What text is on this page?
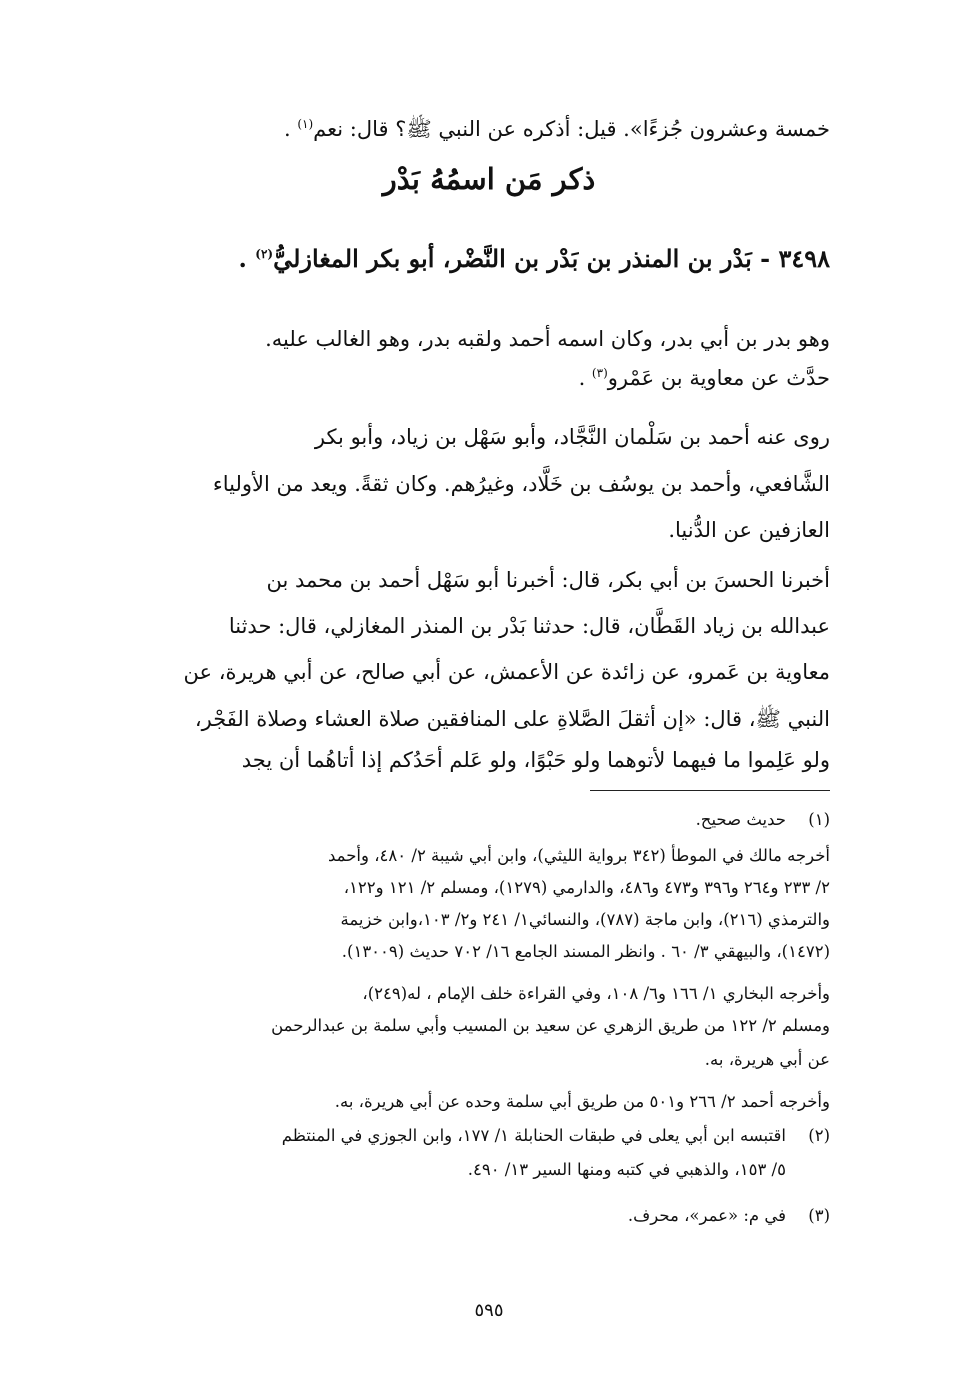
خمسة وعشرون جُزءًا». قيل: أذكره عن النبي ﷺ؟ قال: نعم$^{(١)}$ .
ذكر مَن اسمُهُ بَدْر
٣٤٩٨ - بَدْر بن المنذر بن بَدْر بن النَّضْر، أبو بكر المغازليُّ$^{(٢)}$ .
وهو بدر بن أبي بدر، وكان اسمه أحمد ولقبه بدر، وهو الغالب عليه.
حدَّث عن معاوية بن عَمْرو$^{(٣)}$ .
روى عنه أحمد بن سَلْمان النَّجَّاد، وأبو سَهْل بن زياد، وأبو بكر
الشَّافعي، وأحمد بن يوسُف بن خَلَّاد، وغيرُهم. وكان ثقةً. ويعد من الأولياء
العازفين عن الدُّنيا.
أخبرنا الحسنَ بن أبي بكر، قال: أخبرنا أبو سَهْل أحمد بن محمد بن
عبدالله بن زياد القَطَّان، قال: حدثنا بَدْر بن المنذر المغازلي، قال: حدثنا
معاوية بن عَمرو، عن زائدة عن الأعمش، عن أبي صالح، عن أبي هريرة، عن
النبي ﷺ، قال: «إن أثقلَ الصَّلاةِ على المنافقين صلاة العشاء وصلاة الفَجْر،
ولو عَلِموا ما فيهما لأتوهما ولو حَبْوًا، ولو عَلم أحَدُكم إذا أتاهُما أن يجد
(١)حديث صحيح.
أخرجه مالك في الموطأ (٣٤٢ برواية الليثي)، وابن أبي شيبة ٢/ ٤٨٠، وأحمد
٢/ ٢٣٣ و٢٦٤ و٣٩٦ و٤٧٣ و٤٨٦، والدارمي (١٢٧٩)، ومسلم ٢/ ١٢١ و١٢٢،
والترمذي (٢١٦)، وابن ماجة (٧٨٧)، والنسائي١/ ٢٤١ و٢/ ١٠٣،وابن خزيمة
(١٤٧٢)، والبيهقي ٣/ ٦٠ . وانظر المسند الجامع ١٦/ ٧٠٢ حديث (١٣٠٠٩).
وأخرجه البخاري ١/ ١٦٦ و٦/ ١٠٨، وفي القراءة خلف الإمام ، له(٢٤٩)،
ومسلم ٢/ ١٢٢ من طريق الزهري عن سعيد بن المسيب وأبي سلمة بن عبدالرحمن
عن أبي هريرة، به.
وأخرجه أحمد ٢/ ٢٦٦ و٥٠١ من طريق أبي سلمة وحده عن أبي هريرة، به.
(٢)اقتبسه ابن أبي يعلى في طبقات الحنابلة ١/ ١٧٧، وابن الجوزي في المنتظم
٥/ ١٥٣، والذهبي في كتبه ومنها السير ١٣/ ٤٩٠.
(٣)في م: «عمر»، محرف.
٥٩٥
